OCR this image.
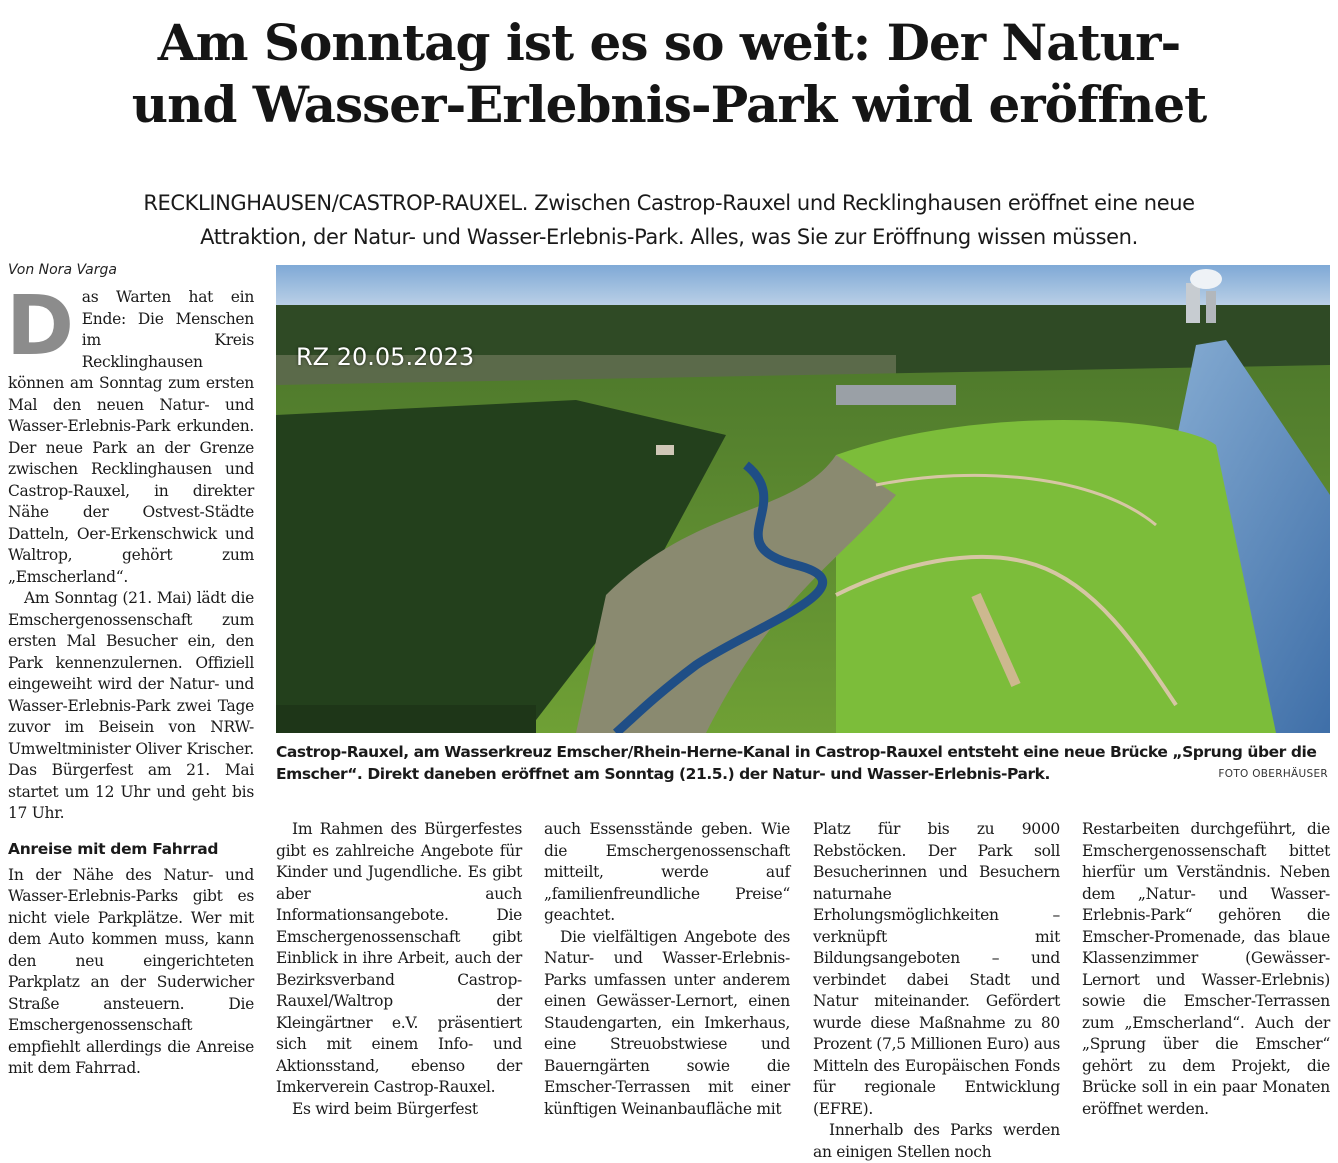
Am Sonntag ist es so weit: Der Natur-
und Wasser-Erlebnis-Park wird eröffnet
RECKLINGHAUSEN/CASTROP-RAUXEL. Zwischen Castrop-Rauxel und Recklinghausen eröffnet eine neue
Attraktion, der Natur- und Wasser-Erlebnis-Park. Alles, was Sie zur Eröffnung wissen müssen.
Von Nora Varga

Das Warten hat ein Ende: Die Menschen im Kreis Recklinghausen können am Sonntag zum ersten Mal den neuen Natur- und Wasser-Erlebnis-Park erkunden. Der neue Park an der Grenze zwischen Recklinghausen und Castrop-Rauxel, in direkter Nähe der Ostvest-Städte Datteln, Oer-Erkenschwick und Waltrop, gehört zum „Emscherland“.

Am Sonntag (21. Mai) lädt die Emschergenossenschaft zum ersten Mal Besucher ein, den Park kennenzulernen. Offiziell eingeweiht wird der Natur- und Wasser-Erlebnis-Park zwei Tage zuvor im Beisein von NRW-Umweltminister Oliver Krischer. Das Bürgerfest am 21. Mai startet um 12 Uhr und geht bis 17 Uhr.

Anreise mit dem Fahrrad

In der Nähe des Natur- und Wasser-Erlebnis-Parks gibt es nicht viele Parkplätze. Wer mit dem Auto kommen muss, kann den neu eingerichteten Parkplatz an der Suderwicher Straße ansteuern. Die Emschergenossenschaft empfiehlt allerdings die Anreise mit dem Fahrrad.

RZ 20.05.2023
Castrop-Rauxel, am Wasserkreuz Emscher/Rhein-Herne-Kanal in Castrop-Rauxel entsteht eine neue Brücke „Sprung über die
Emscher“. Direkt daneben eröffnet am Sonntag (21.5.) der Natur- und Wasser-Erlebnis-Park.	FOTO OBERHÄUSER

Im Rahmen des Bürgerfestes gibt es zahlreiche Angebote für Kinder und Jugendliche. Es gibt aber auch Informationsangebote. Die Emschergenossenschaft gibt Einblick in ihre Arbeit, auch der Bezirksverband Castrop-Rauxel/Waltrop der Kleingärtner e.V. präsentiert sich mit einem Info- und Aktionsstand, ebenso der Imkerverein Castrop-Rauxel.

Es wird beim Bürgerfest

auch Essensstände geben. Wie die Emschergenossenschaft mitteilt, werde auf „familienfreundliche Preise“ geachtet.

Die vielfältigen Angebote des Natur- und Wasser-Erlebnis-Parks umfassen unter anderem einen Gewässer-Lernort, einen Staudengarten, ein Imkerhaus, eine Streuobstwiese und Bauerngärten sowie die Emscher-Terrassen mit einer künftigen Weinanbaufläche mit

Platz für bis zu 9000 Rebstöcken. Der Park soll Besucherinnen und Besuchern naturnahe Erholungsmöglichkeiten – verknüpft mit Bildungsangeboten – und verbindet dabei Stadt und Natur miteinander. Gefördert wurde diese Maßnahme zu 80 Prozent (7,5 Millionen Euro) aus Mitteln des Europäischen Fonds für regionale Entwicklung (EFRE).

Innerhalb des Parks werden an einigen Stellen noch

Restarbeiten durchgeführt, die Emschergenossenschaft bittet hierfür um Verständnis. Neben dem „Natur- und Wasser-Erlebnis-Park“ gehören die Emscher-Promenade, das blaue Klassenzimmer (Gewässer-Lernort und Wasser-Erlebnis) sowie die Emscher-Terrassen zum „Emscherland“. Auch der „Sprung über die Emscher“ gehört zu dem Projekt, die Brücke soll in ein paar Monaten eröffnet werden.
